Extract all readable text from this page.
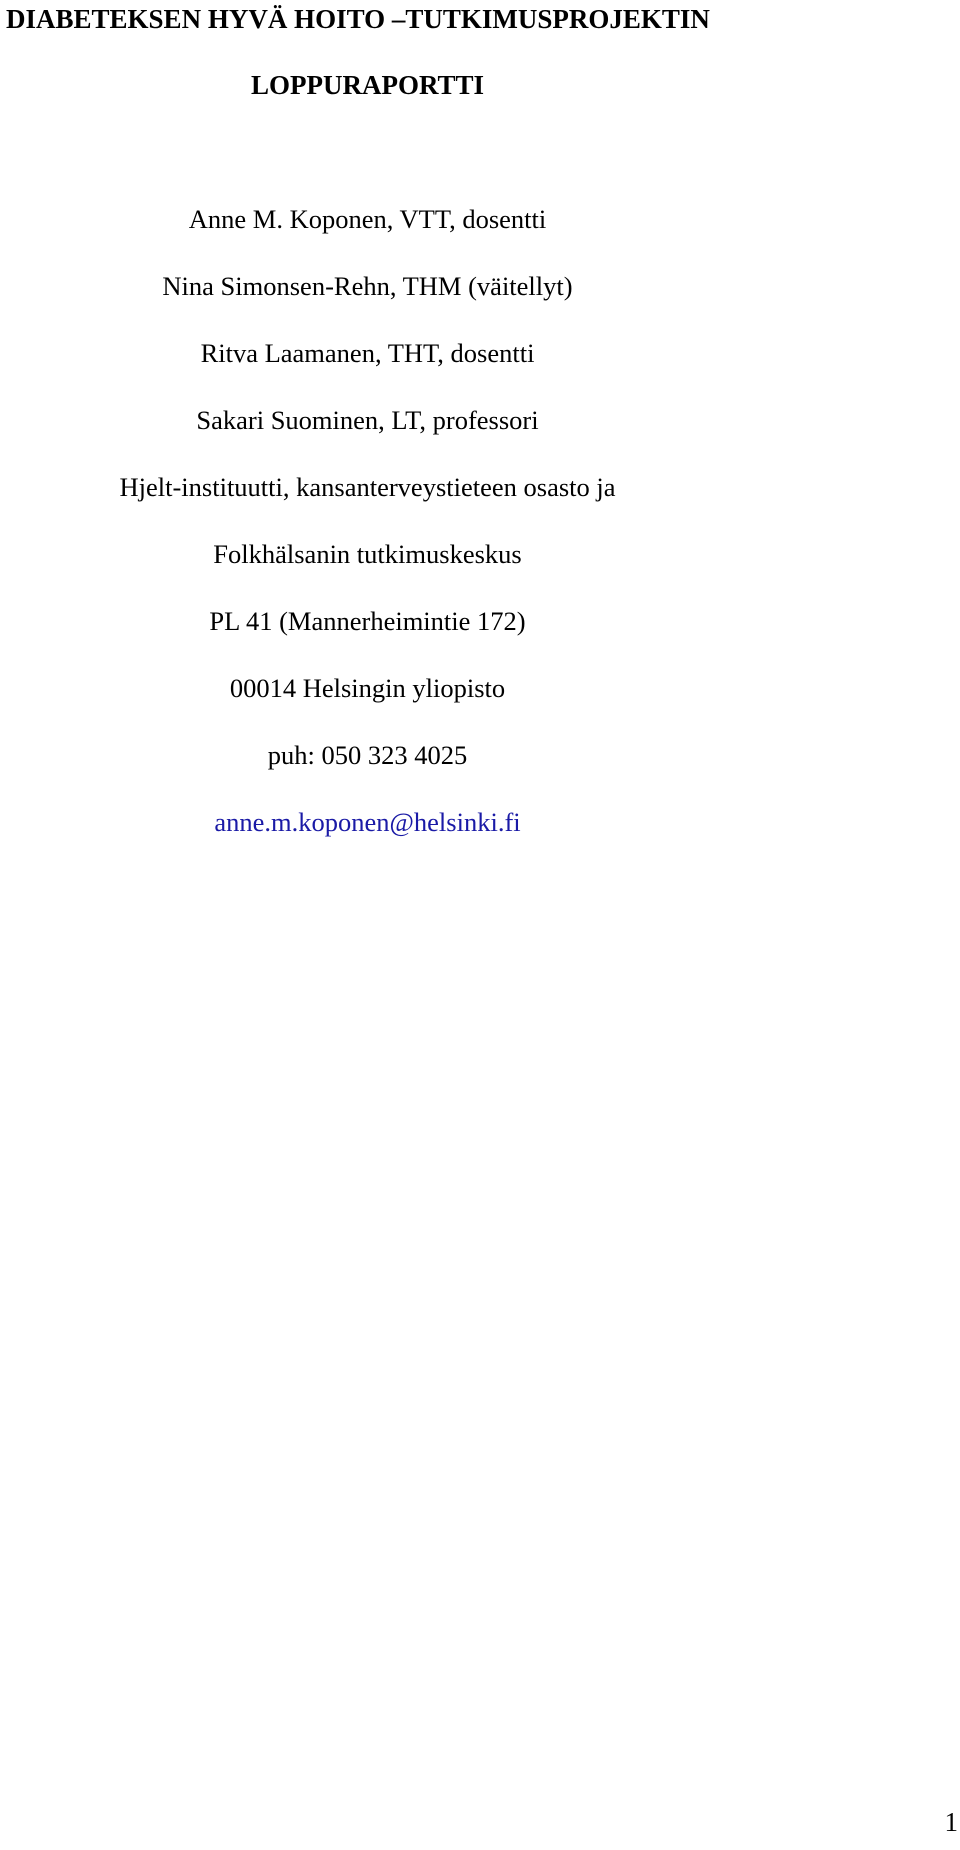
DIABETEKSEN HYVÄ HOITO –TUTKIMUSPROJEKTIN
LOPPURAPORTTI
Anne M. Koponen, VTT, dosentti
Nina Simonsen-Rehn, THM (väitellyt)
Ritva Laamanen, THT, dosentti
Sakari Suominen, LT, professori
Hjelt-instituutti, kansanterveystieteen osasto ja
Folkhälsanin tutkimuskeskus
PL 41 (Mannerheimintie 172)
00014 Helsingin yliopisto
puh: 050 323 4025
anne.m.koponen@helsinki.fi
1
